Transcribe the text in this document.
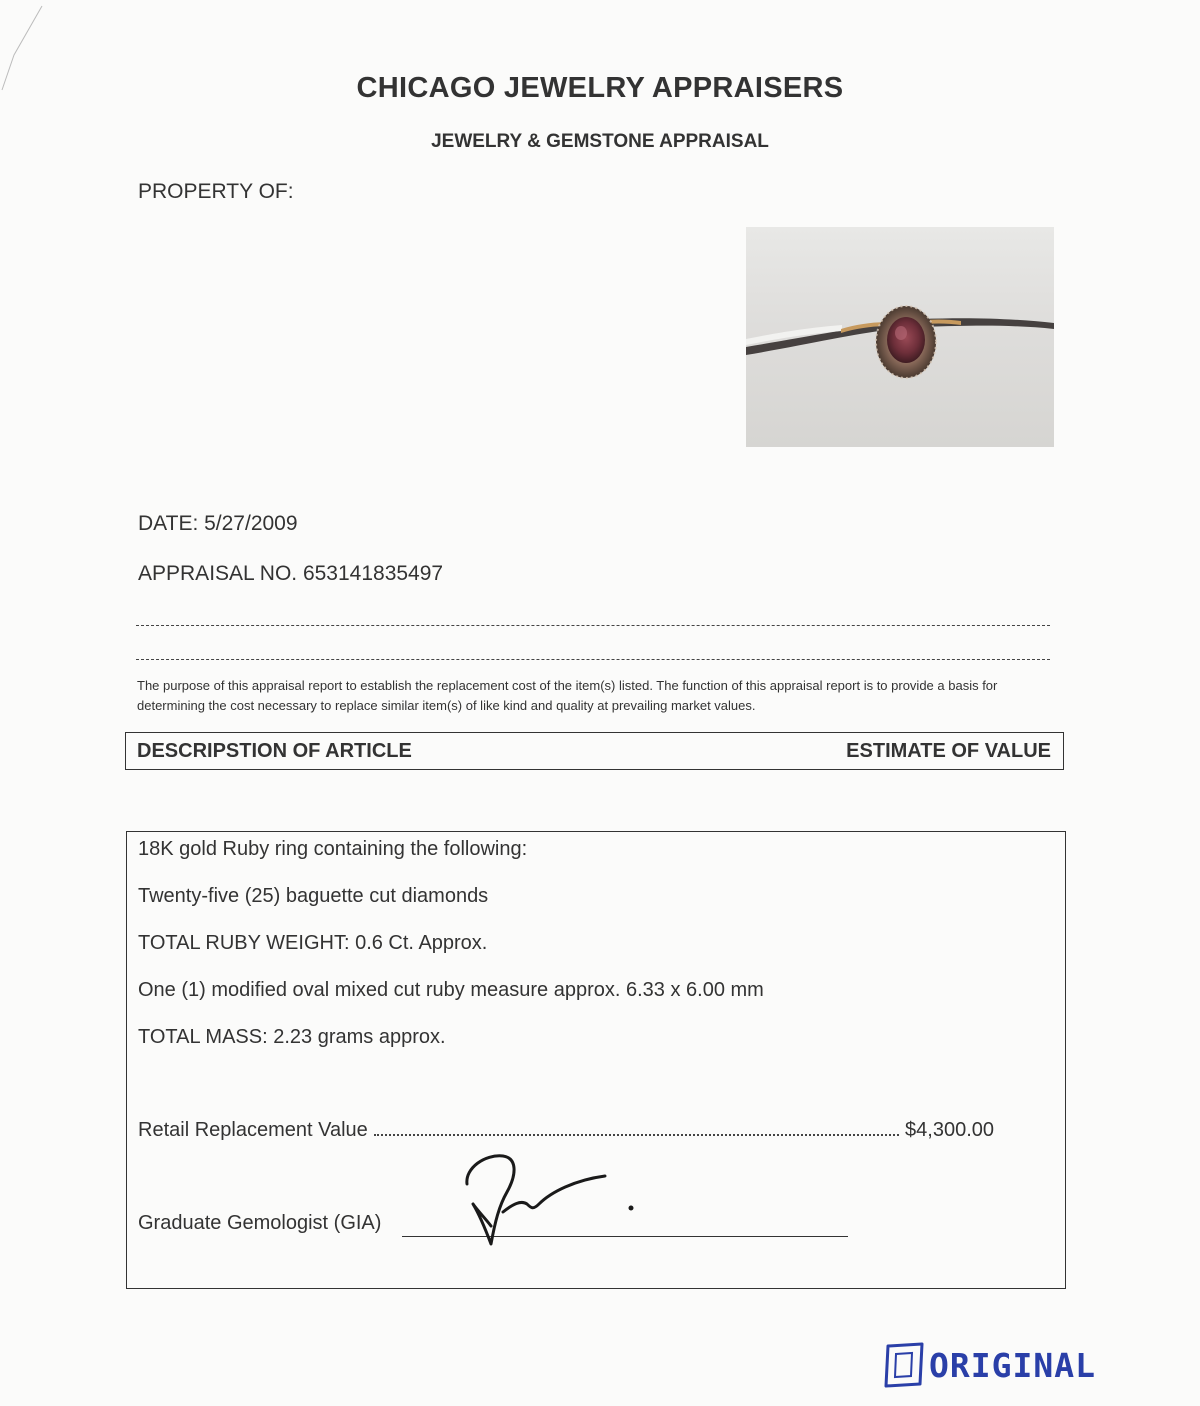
CHICAGO JEWELRY APPRAISERS
JEWELRY & GEMSTONE APPRAISAL
PROPERTY OF:
DATE: 5/27/2009
APPRAISAL NO. 653141835497
The purpose of this appraisal report to establish the replacement cost of the item(s) listed. The function of this appraisal report is to provide a basis for determining the cost necessary to replace similar item(s) of like kind and quality at prevailing market values.
DESCRIPSTION OF ARTICLE	ESTIMATE OF VALUE
18K gold Ruby ring containing the following:
Twenty-five (25) baguette cut diamonds
TOTAL RUBY WEIGHT: 0.6 Ct. Approx.
One (1) modified oval mixed cut ruby measure approx. 6.33 x 6.00 mm
TOTAL MASS: 2.23 grams approx.
Retail Replacement Value	$4,300.00
Graduate Gemologist (GIA)
ORIGINAL
